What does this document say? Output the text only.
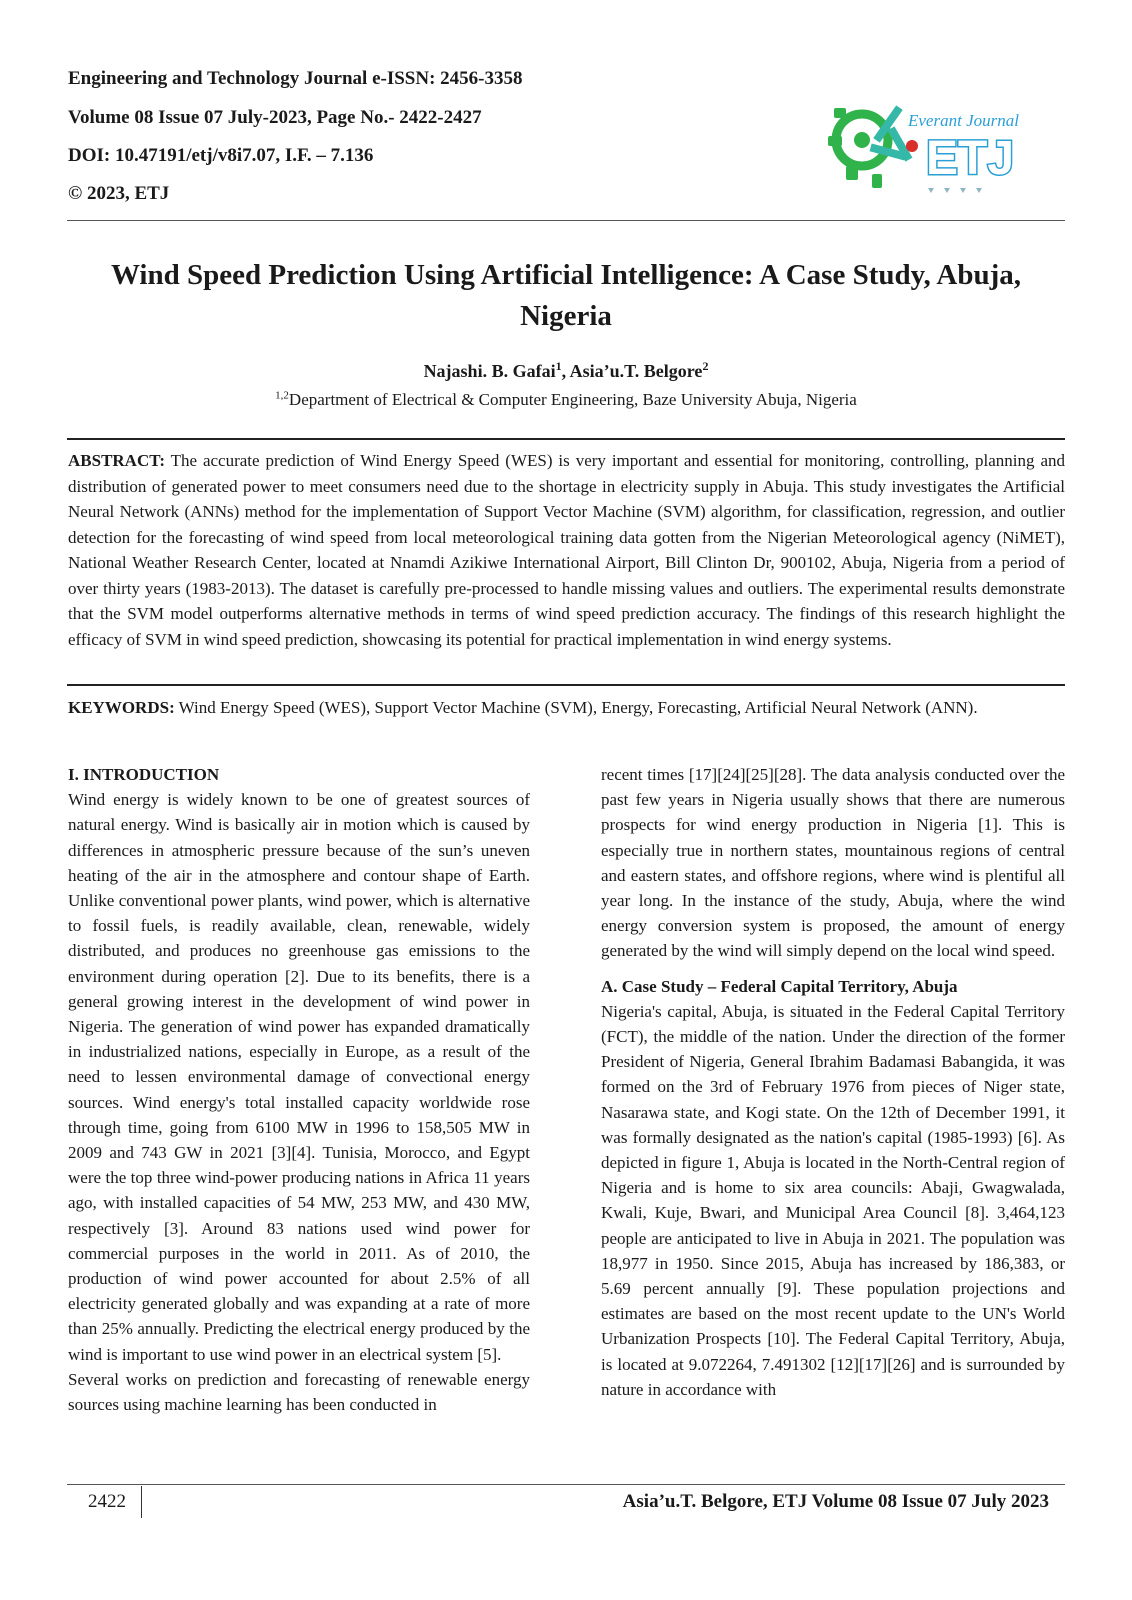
Engineering and Technology Journal e-ISSN: 2456-3358
Volume 08 Issue 07 July-2023, Page No.- 2422-2427
DOI: 10.47191/etj/v8i7.07, I.F. – 7.136
© 2023, ETJ
Everant Journal
ETJ
Wind Speed Prediction Using Artificial Intelligence: A Case Study, Abuja, Nigeria
Najashi. B. Gafai$^1$, Asia’u.T. Belgore$^2$
$^{1,2}$Department of Electrical & Computer Engineering, Baze University Abuja, Nigeria
ABSTRACT: The accurate prediction of Wind Energy Speed (WES) is very important and essential for monitoring, controlling, planning and distribution of generated power to meet consumers need due to the shortage in electricity supply in Abuja. This study investigates the Artificial Neural Network (ANNs) method for the implementation of Support Vector Machine (SVM) algorithm, for classification, regression, and outlier detection for the forecasting of wind speed from local meteorological training data gotten from the Nigerian Meteorological agency (NiMET), National Weather Research Center, located at Nnamdi Azikiwe International Airport, Bill Clinton Dr, 900102, Abuja, Nigeria from a period of over thirty years (1983-2013). The dataset is carefully pre-processed to handle missing values and outliers. The experimental results demonstrate that the SVM model outperforms alternative methods in terms of wind speed prediction accuracy. The findings of this research highlight the efficacy of SVM in wind speed prediction, showcasing its potential for practical implementation in wind energy systems.
KEYWORDS: Wind Energy Speed (WES), Support Vector Machine (SVM), Energy, Forecasting, Artificial Neural Network (ANN).

I. INTRODUCTION

Wind energy is widely known to be one of greatest sources of natural energy. Wind is basically air in motion which is caused by differences in atmospheric pressure because of the sun’s uneven heating of the air in the atmosphere and contour shape of Earth. Unlike conventional power plants, wind power, which is alternative to fossil fuels, is readily available, clean, renewable, widely distributed, and produces no greenhouse gas emissions to the environment during operation [2]. Due to its benefits, there is a general growing interest in the development of wind power in Nigeria. The generation of wind power has expanded dramatically in industrialized nations, especially in Europe, as a result of the need to lessen environmental damage of convectional energy sources. Wind energy's total installed capacity worldwide rose through time, going from 6100 MW in 1996 to 158,505 MW in 2009 and 743 GW in 2021 [3][4]. Tunisia, Morocco, and Egypt were the top three wind-power producing nations in Africa 11 years ago, with installed capacities of 54 MW, 253 MW, and 430 MW, respectively [3]. Around 83 nations used wind power for commercial purposes in the world in 2011. As of 2010, the production of wind power accounted for about 2.5% of all electricity generated globally and was expanding at a rate of more than 25% annually. Predicting the electrical energy produced by the wind is important to use wind power in an electrical system [5].

Several works on prediction and forecasting of renewable energy sources using machine learning has been conducted in

recent times [17][24][25][28]. The data analysis conducted over the past few years in Nigeria usually shows that there are numerous prospects for wind energy production in Nigeria [1]. This is especially true in northern states, mountainous regions of central and eastern states, and offshore regions, where wind is plentiful all year long. In the instance of the study, Abuja, where the wind energy conversion system is proposed, the amount of energy generated by the wind will simply depend on the local wind speed.

A. Case Study – Federal Capital Territory, Abuja

Nigeria's capital, Abuja, is situated in the Federal Capital Territory (FCT), the middle of the nation. Under the direction of the former President of Nigeria, General Ibrahim Badamasi Babangida, it was formed on the 3rd of February 1976 from pieces of Niger state, Nasarawa state, and Kogi state. On the 12th of December 1991, it was formally designated as the nation's capital (1985-1993) [6]. As depicted in figure 1, Abuja is located in the North-Central region of Nigeria and is home to six area councils: Abaji, Gwagwalada, Kwali, Kuje, Bwari, and Municipal Area Council [8]. 3,464,123 people are anticipated to live in Abuja in 2021. The population was 18,977 in 1950. Since 2015, Abuja has increased by 186,383, or 5.69 percent annually [9]. These population projections and estimates are based on the most recent update to the UN's World Urbanization Prospects [10]. The Federal Capital Territory, Abuja, is located at 9.072264, 7.491302 [12][17][26] and is surrounded by nature in accordance with

2422	Asia’u.T. Belgore, ETJ Volume 08 Issue 07 July 2023
